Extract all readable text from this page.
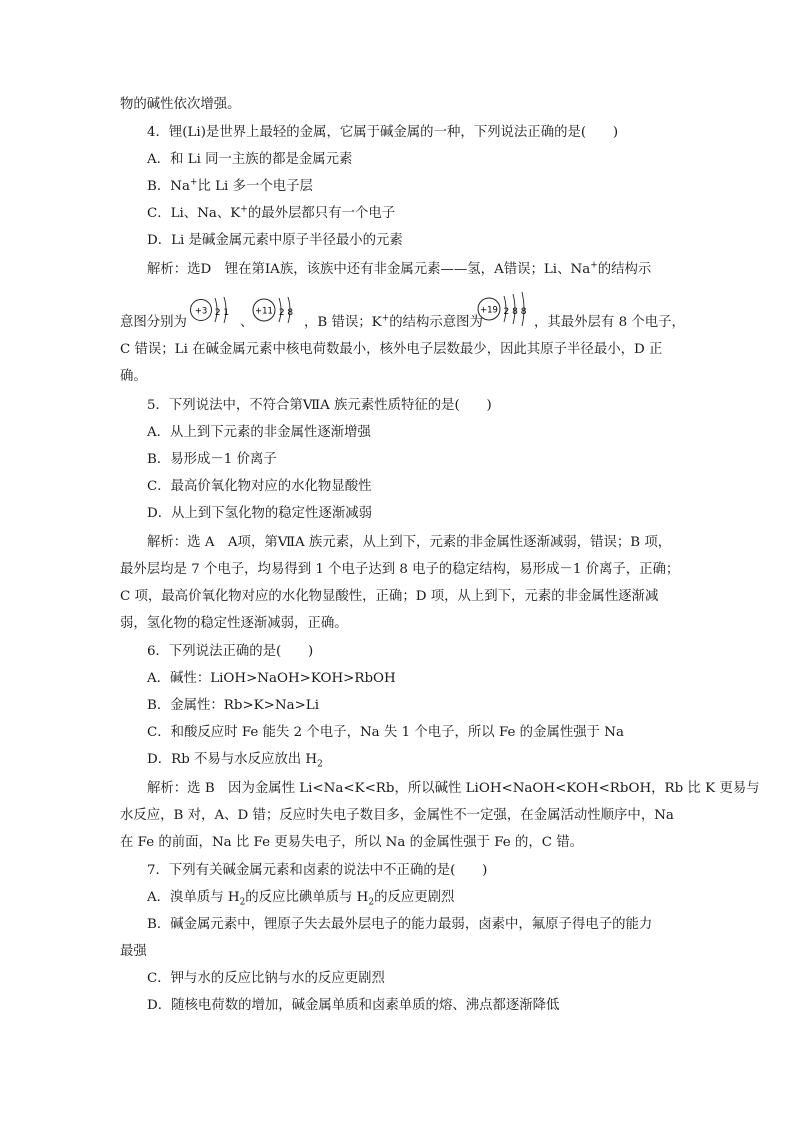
物的碱性依次增强。
4．锂(Li)是世界上最轻的金属，它属于碱金属的一种，下列说法正确的是(　　)
A．和 Li 同一主族的都是金属元素
B．Na+比 Li 多一个电子层
C．Li、Na、K+的最外层都只有一个电子
D．Li 是碱金属元素中原子半径最小的元素
解析：选D　锂在第ⅠA族，该族中还有非金属元素——氢，A错误；Li、Na+的结构示
意图分别为
+3 2 1
、
+11 2 8
，B 错误；K+的结构示意图为
+19 2 8 8
，其最外层有 8 个电子，
C 错误；Li 在碱金属元素中核电荷数最小，核外电子层数最少，因此其原子半径最小，D 正
确。
5．下列说法中，不符合第ⅦA 族元素性质特征的是(　　)
A．从上到下元素的非金属性逐渐增强
B．易形成－1 价离子
C．最高价氧化物对应的水化物显酸性
D．从上到下氢化物的稳定性逐渐减弱
解析：选 A　A项，第ⅦA 族元素，从上到下，元素的非金属性逐渐减弱，错误；B 项，
最外层均是 7 个电子，均易得到 1 个电子达到 8 电子的稳定结构，易形成－1 价离子，正确；
C 项，最高价氧化物对应的水化物显酸性，正确；D 项，从上到下，元素的非金属性逐渐减
弱，氢化物的稳定性逐渐减弱，正确。
6．下列说法正确的是(　　)
A．碱性：LiOH>NaOH>KOH>RbOH
B．金属性：Rb>K>Na>Li
C．和酸反应时 Fe 能失 2 个电子，Na 失 1 个电子，所以 Fe 的金属性强于 Na
D．Rb 不易与水反应放出 $H_2$
解析：选 B　因为金属性 Li<Na<K<Rb，所以碱性 LiOH<NaOH<KOH<RbOH，Rb 比 K 更易与
水反应，B 对，A、D 错；反应时失电子数目多，金属性不一定强，在金属活动性顺序中，Na
在 Fe 的前面，Na 比 Fe 更易失电子，所以 Na 的金属性强于 Fe 的，C 错。
7．下列有关碱金属元素和卤素的说法中不正确的是(　　)
A．溴单质与 $H_2$的反应比碘单质与 $H_2$的反应更剧烈
B．碱金属元素中，锂原子失去最外层电子的能力最弱，卤素中，氟原子得电子的能力
最强
C．钾与水的反应比钠与水的反应更剧烈
D．随核电荷数的增加，碱金属单质和卤素单质的熔、沸点都逐渐降低
